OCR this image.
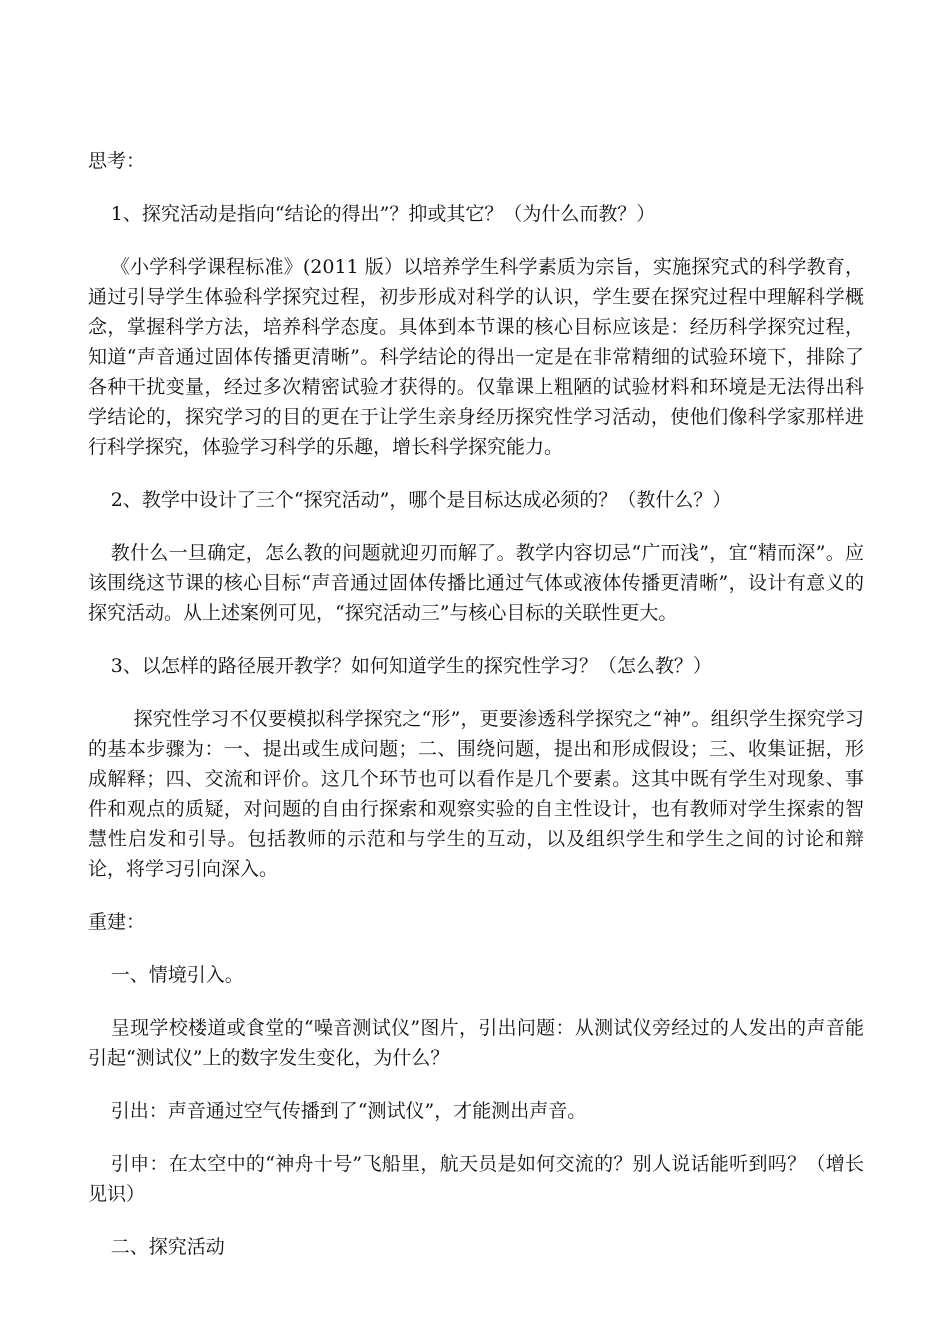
思考：

1、探究活动是指向“结论的得出”？抑或其它？（为什么而教？）

《小学科学课程标准》(2011 版）以培养学生科学素质为宗旨，实施探究式的科学教育，通过引导学生体验科学探究过程，初步形成对科学的认识，学生要在探究过程中理解科学概念，掌握科学方法，培养科学态度。具体到本节课的核心目标应该是：经历科学探究过程，知道“声音通过固体传播更清晰”。科学结论的得出一定是在非常精细的试验环境下，排除了各种干扰变量，经过多次精密试验才获得的。仅靠课上粗陋的试验材料和环境是无法得出科学结论的，探究学习的目的更在于让学生亲身经历探究性学习活动，使他们像科学家那样进行科学探究，体验学习科学的乐趣，增长科学探究能力。

2、教学中设计了三个“探究活动”，哪个是目标达成必须的？（教什么？）

教什么一旦确定，怎么教的问题就迎刃而解了。教学内容切忌“广而浅”，宜“精而深”。应该围绕这节课的核心目标“声音通过固体传播比通过气体或液体传播更清晰”，设计有意义的探究活动。从上述案例可见，“探究活动三”与核心目标的关联性更大。

3、以怎样的路径展开教学？如何知道学生的探究性学习？（怎么教？）

探究性学习不仅要模拟科学探究之“形”，更要渗透科学探究之“神”。组织学生探究学习的基本步骤为：一、提出或生成问题；二、围绕问题，提出和形成假设；三、收集证据，形成解释；四、交流和评价。这几个环节也可以看作是几个要素。这其中既有学生对现象、事件和观点的质疑，对问题的自由行探索和观察实验的自主性设计，也有教师对学生探索的智慧性启发和引导。包括教师的示范和与学生的互动，以及组织学生和学生之间的讨论和辩论，将学习引向深入。

重建：

一、情境引入。

呈现学校楼道或食堂的“噪音测试仪”图片，引出问题：从测试仪旁经过的人发出的声音能引起“测试仪”上的数字发生变化，为什么？

引出：声音通过空气传播到了“测试仪”，才能测出声音。

引申：在太空中的“神舟十号”飞船里，航天员是如何交流的？别人说话能听到吗？（增长见识）

二、探究活动
